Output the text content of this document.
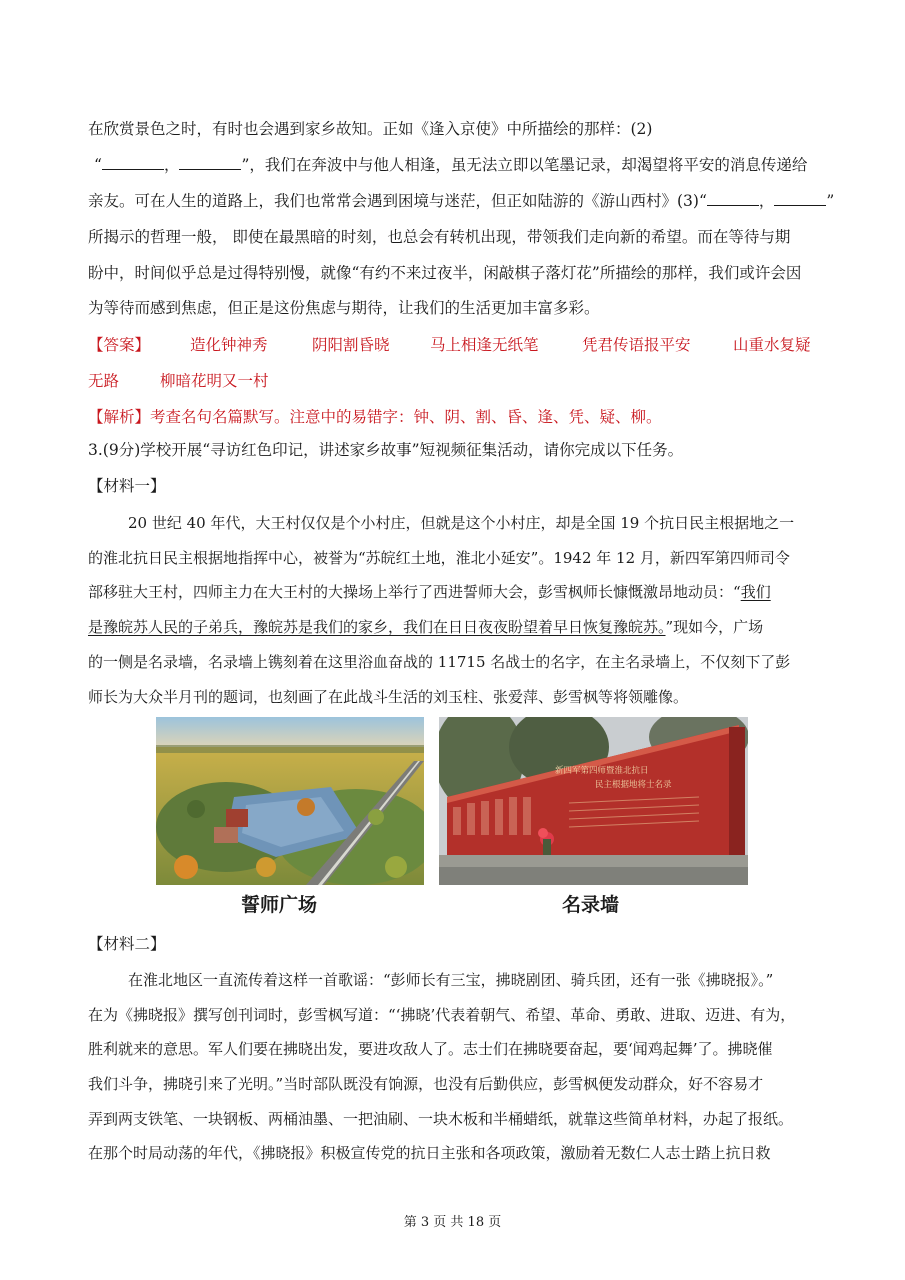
在欣赏景色之时，有时也会遇到家乡故知。正如《逢入京使》中所描绘的那样：(2)
“	，	”，我们在奔波中与他人相逢，虽无法立即以笔墨记录，却渴望将平安的消息传递给
亲友。可在人生的道路上，我们也常常会遇到困境与迷茫，但正如陆游的《游山西村》(3)“	，	”
所揭示的哲理一般， 即使在最黑暗的时刻，也总会有转机出现，带领我们走向新的希望。而在等待与期
盼中，时间似乎总是过得特别慢，就像“有约不来过夜半，闲敲棋子落灯花”所描绘的那样，我们或许会因
为等待而感到焦虑，但正是这份焦虑与期待，让我们的生活更加丰富多彩。
【答案】	造化钟神秀	阴阳割昏晓	马上相逢无纸笔	凭君传语报平安	山重水复疑
无路	柳暗花明又一村
【解析】考查名句名篇默写。注意中的易错字：钟、阴、割、昏、逢、凭、疑、柳。
3.(9分)学校开展“寻访红色印记，讲述家乡故事”短视频征集活动，请你完成以下任务。
【材料一】
20 世纪 40 年代，大王村仅仅是个小村庄，但就是这个小村庄，却是全国 19 个抗日民主根据地之一
的淮北抗日民主根据地指挥中心，被誉为“苏皖红土地，淮北小延安”。1942 年 12 月，新四军第四师司令
部移驻大王村，四师主力在大王村的大操场上举行了西进誓师大会，彭雪枫师长慷慨激昂地动员：“我们
是豫皖苏人民的子弟兵，豫皖苏是我们的家乡，我们在日日夜夜盼望着早日恢复豫皖苏。”现如今，广场
的一侧是名录墙，名录墙上镌刻着在这里浴血奋战的 11715 名战士的名字，在主名录墙上，不仅刻下了彭
师长为大众半月刊的题词，也刻画了在此战斗生活的刘玉柱、张爱萍、彭雪枫等将领雕像。
新四军第四师暨淮北抗日
民主根据地将士名录
誓师广场	名录墙
【材料二】
在淮北地区一直流传着这样一首歌谣：“彭师长有三宝，拂晓剧团、骑兵团，还有一张《拂晓报》。”
在为《拂晓报》撰写创刊词时，彭雪枫写道：“‘拂晓’代表着朝气、希望、革命、勇敢、进取、迈进、有为，
胜利就来的意思。军人们要在拂晓出发，要进攻敌人了。志士们在拂晓要奋起，要‘闻鸡起舞’了。拂晓催
我们斗争，拂晓引来了光明。”当时部队既没有饷源，也没有后勤供应，彭雪枫便发动群众，好不容易才
弄到两支铁笔、一块钢板、两桶油墨、一把油刷、一块木板和半桶蜡纸，就靠这些简单材料，办起了报纸。
在那个时局动荡的年代，《拂晓报》积极宣传党的抗日主张和各项政策，激励着无数仁人志士踏上抗日救
第 3 页 共 18 页
